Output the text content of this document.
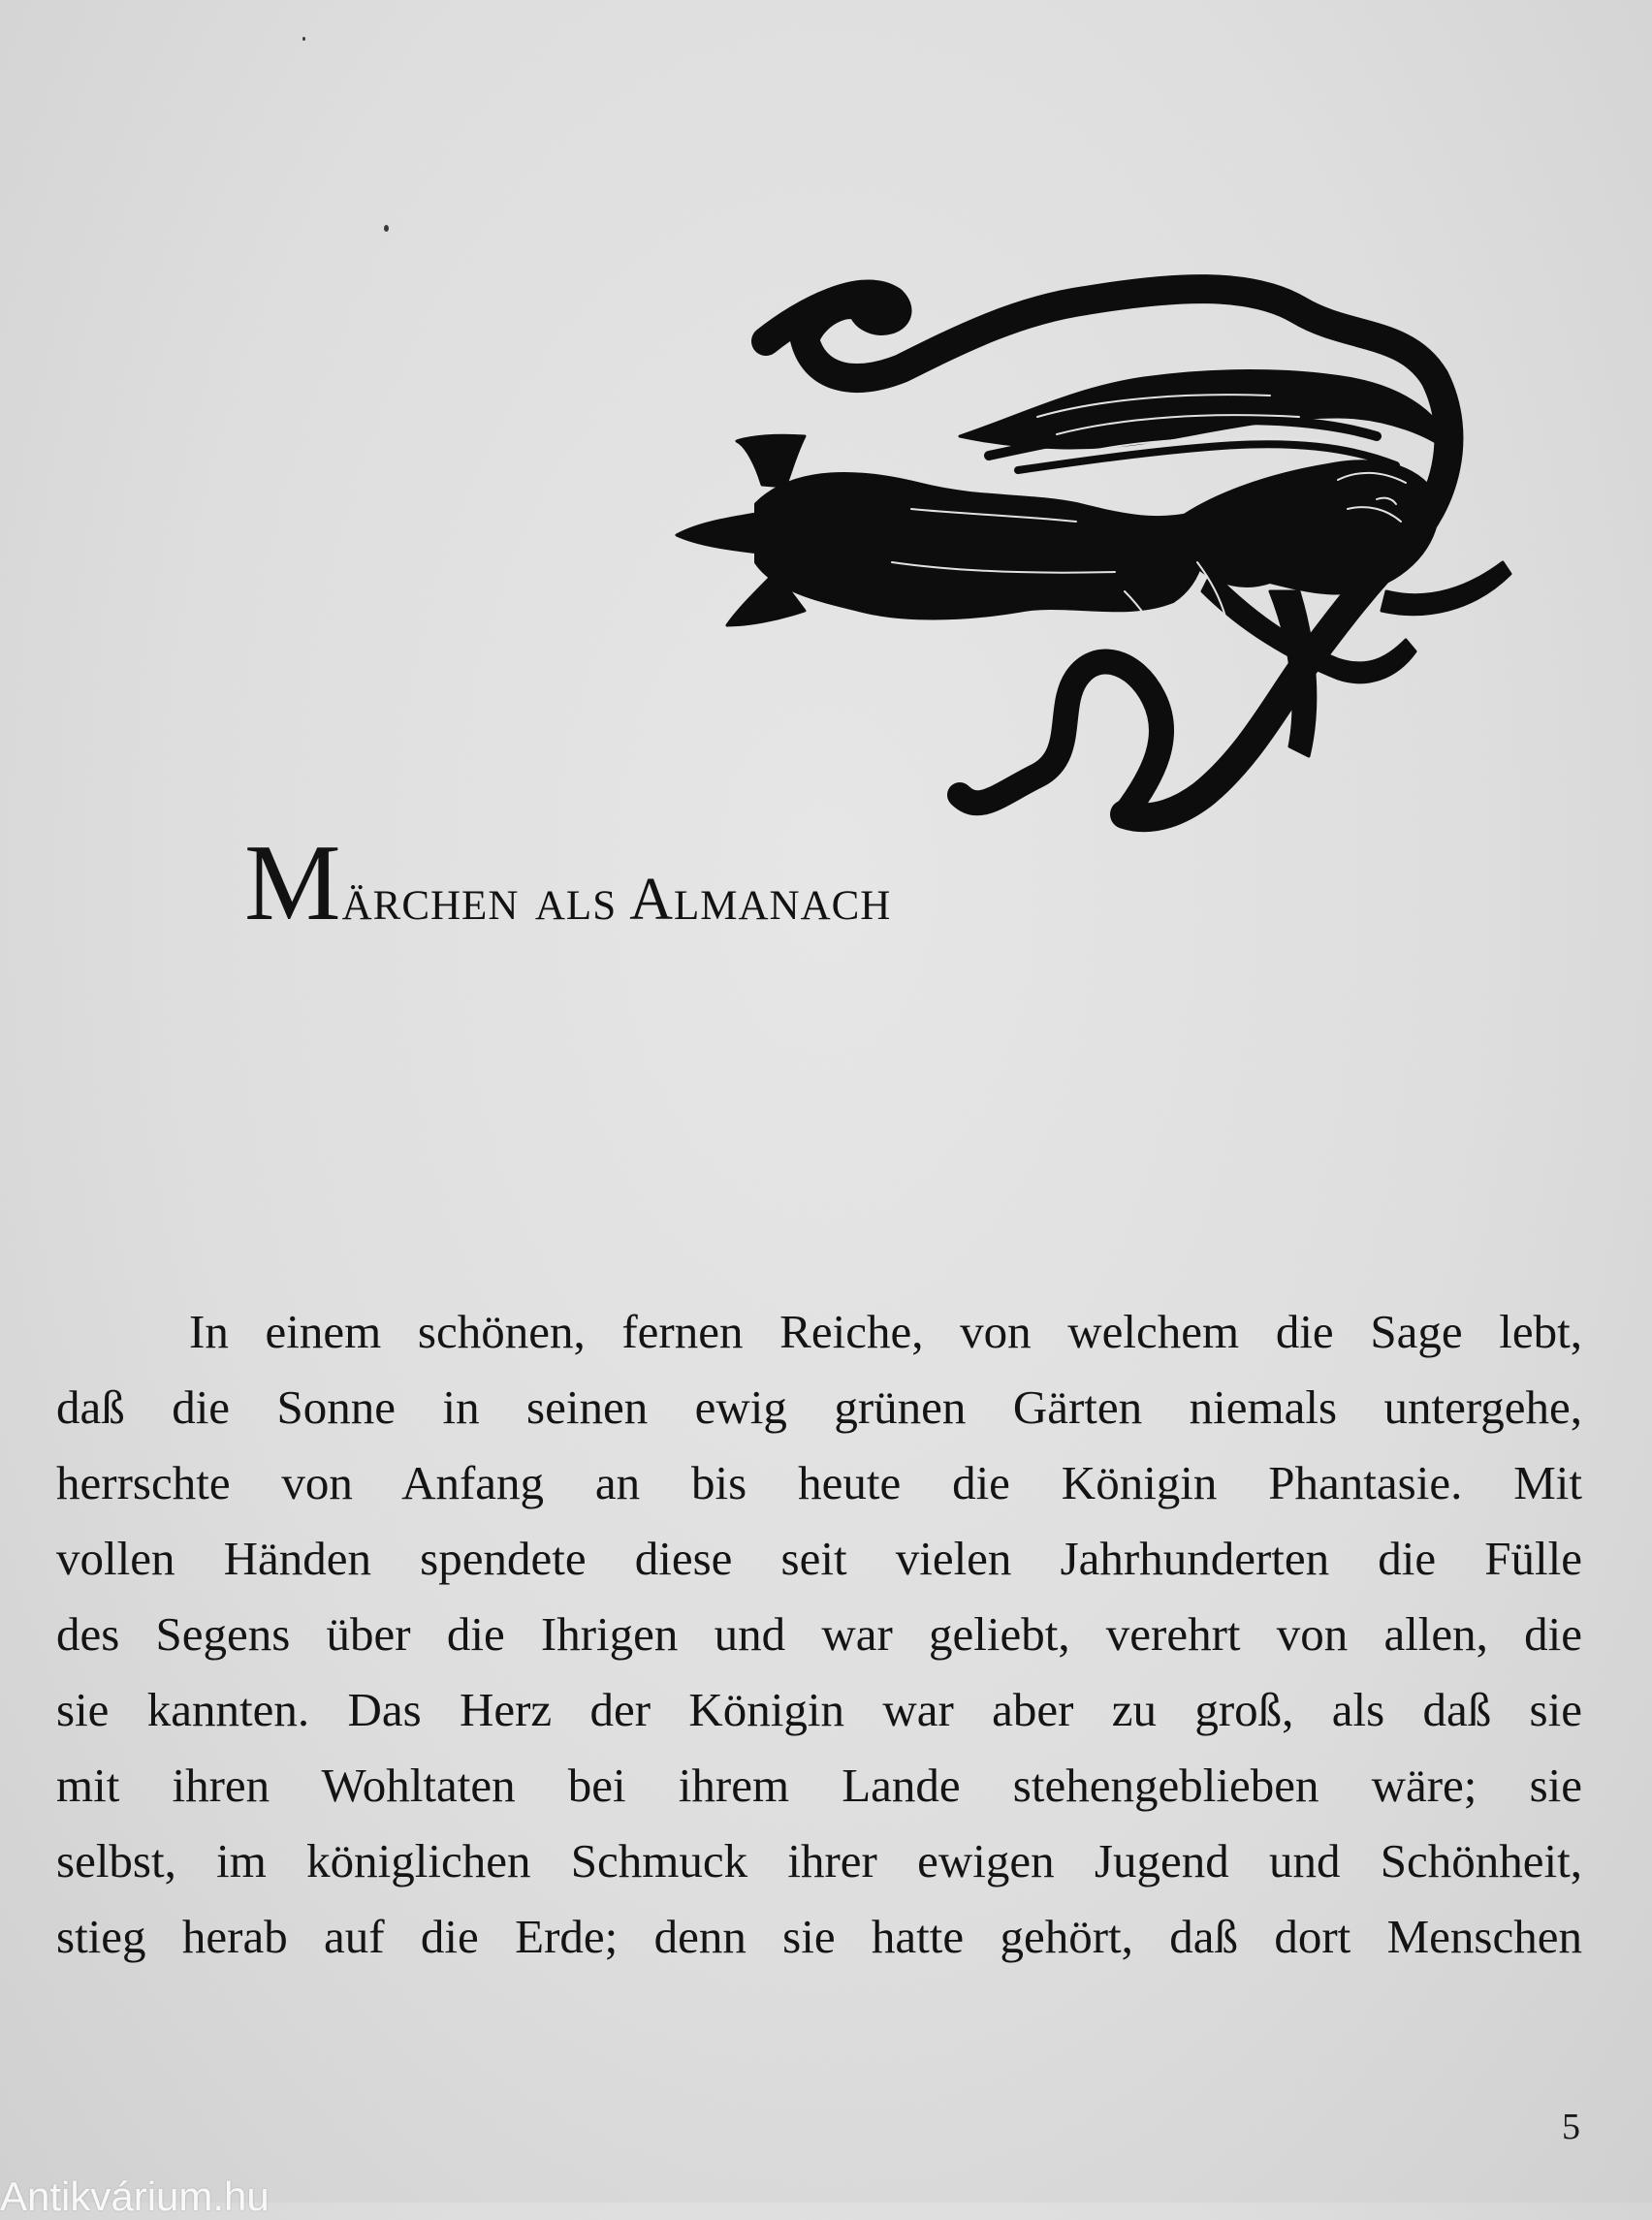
Märchen als Almanach
In einem schönen, fernen Reiche, von welchem die Sage lebt,
daß die Sonne in seinen ewig grünen Gärten niemals untergehe,
herrschte von Anfang an bis heute die Königin Phantasie. Mit
vollen Händen spendete diese seit vielen Jahrhunderten die Fülle
des Segens über die Ihrigen und war geliebt, verehrt von allen, die
sie kannten. Das Herz der Königin war aber zu groß, als daß sie
mit ihren Wohltaten bei ihrem Lande stehengeblieben wäre; sie
selbst, im königlichen Schmuck ihrer ewigen Jugend und Schönheit,
stieg herab auf die Erde; denn sie hatte gehört, daß dort Menschen
5
Antikvárium.hu
